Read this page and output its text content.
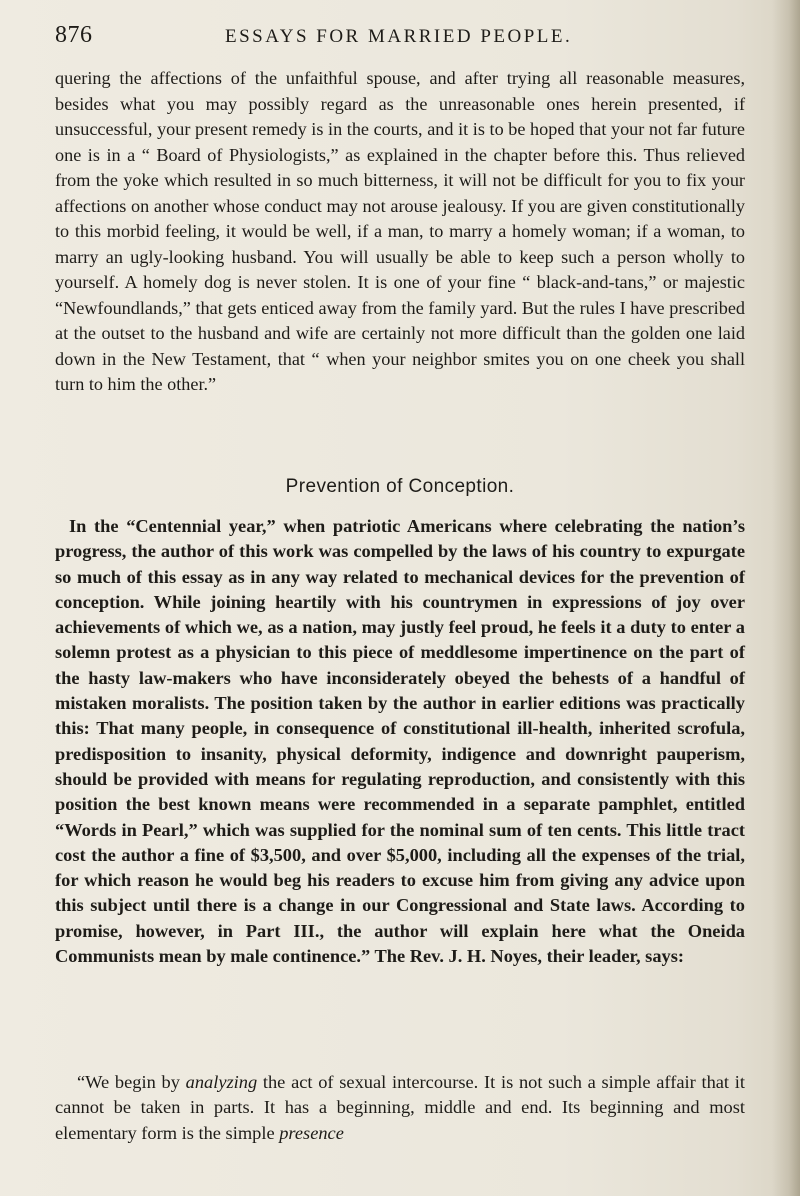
876	ESSAYS FOR MARRIED PEOPLE.

quering the affections of the unfaithful spouse, and after trying all reasonable measures, besides what you may possibly regard as the unreasonable ones herein presented, if unsuccessful, your present remedy is in the courts, and it is to be hoped that your not far future one is in a “ Board of Physiologists,” as explained in the chapter before this. Thus relieved from the yoke which resulted in so much bitterness, it will not be difficult for you to fix your affections on another whose conduct may not arouse jealousy. If you are given constitutionally to this morbid feeling, it would be well, if a man, to marry a homely woman; if a woman, to marry an ugly-looking husband. You will usually be able to keep such a person wholly to yourself. A homely dog is never stolen. It is one of your fine “ black-and-tans,” or majestic “Newfoundlands,” that gets enticed away from the family yard. But the rules I have prescribed at the outset to the husband and wife are certainly not more difficult than the golden one laid down in the New Testament, that “ when your neighbor smites you on one cheek you shall turn to him the other.”

Prevention of Conception.

In the “Centennial year,” when patriotic Americans where celebrating the nation’s progress, the author of this work was compelled by the laws of his country to expurgate so much of this essay as in any way related to mechanical devices for the prevention of conception. While joining heartily with his countrymen in expressions of joy over achievements of which we, as a nation, may justly feel proud, he feels it a duty to enter a solemn protest as a physician to this piece of meddlesome impertinence on the part of the hasty law-makers who have inconsiderately obeyed the behests of a handful of mistaken moralists. The position taken by the author in earlier editions was practically this: That many people, in consequence of constitutional ill-health, inherited scrofula, predisposition to insanity, physical deformity, indigence and downright pauperism, should be provided with means for regulating reproduction, and consistently with this position the best known means were recommended in a separate pamphlet, entitled “Words in Pearl,” which was supplied for the nominal sum of ten cents. This little tract cost the author a fine of $3,500, and over $5,000, including all the expenses of the trial, for which reason he would beg his readers to excuse him from giving any advice upon this subject until there is a change in our Congressional and State laws. According to promise, however, in Part III., the author will explain here what the Oneida Communists mean by male continence.” The Rev. J. H. Noyes, their leader, says:

“We begin by analyzing the act of sexual intercourse. It is not such a simple affair that it cannot be taken in parts. It has a beginning, middle and end. Its beginning and most elementary form is the simple presence
